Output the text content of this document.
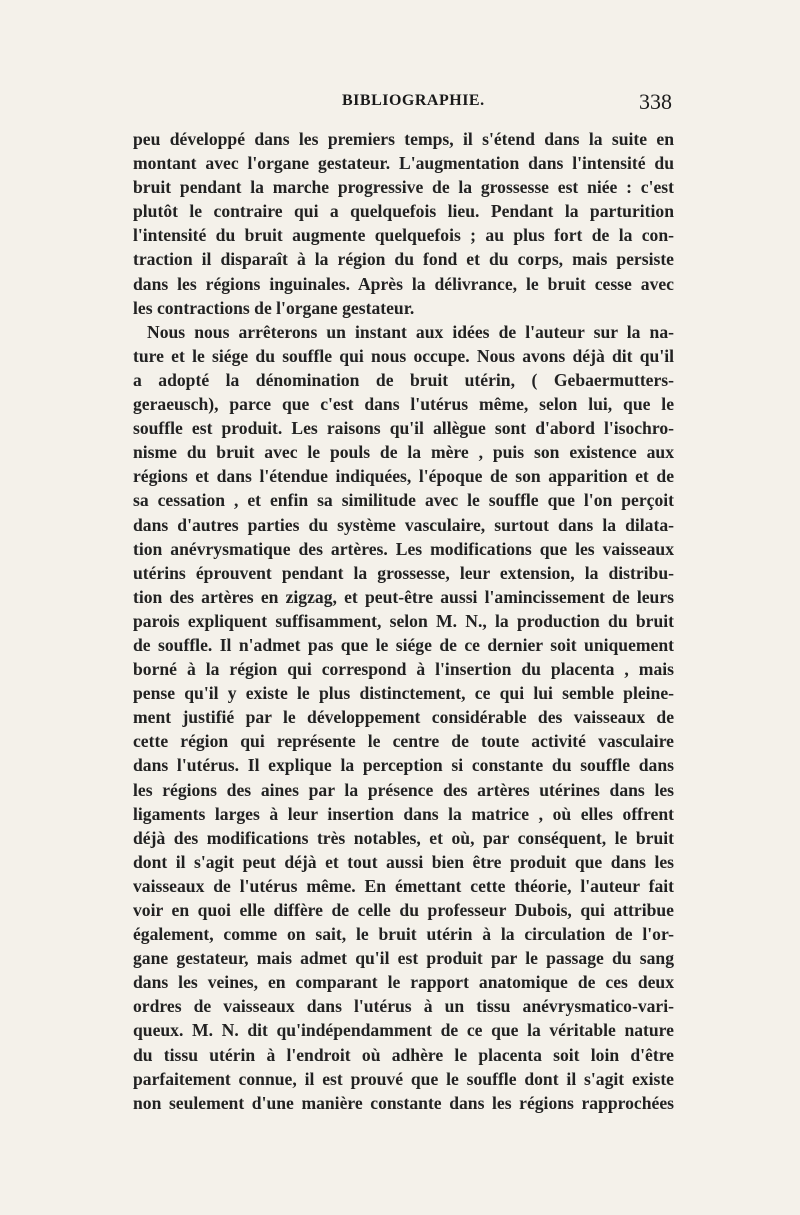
BIBLIOGRAPHIE.	338
peu développé dans les premiers temps, il s'étend dans la suite en
montant avec l'organe gestateur. L'augmentation dans l'intensité du
bruit pendant la marche progressive de la grossesse est niée : c'est
plutôt le contraire qui a quelquefois lieu. Pendant la parturition
l'intensité du bruit augmente quelquefois ; au plus fort de la con-
traction il disparaît à la région du fond et du corps, mais persiste
dans les régions inguinales. Après la délivrance, le bruit cesse avec
les contractions de l'organe gestateur.
Nous nous arrêterons un instant aux idées de l'auteur sur la na-
ture et le siége du souffle qui nous occupe. Nous avons déjà dit qu'il
a adopté la dénomination de bruit utérin, ( Gebaermutters-
geraeusch), parce que c'est dans l'utérus même, selon lui, que le
souffle est produit. Les raisons qu'il allègue sont d'abord l'isochro-
nisme du bruit avec le pouls de la mère , puis son existence aux
régions et dans l'étendue indiquées, l'époque de son apparition et de
sa cessation , et enfin sa similitude avec le souffle que l'on perçoit
dans d'autres parties du système vasculaire, surtout dans la dilata-
tion anévrysmatique des artères. Les modifications que les vaisseaux
utérins éprouvent pendant la grossesse, leur extension, la distribu-
tion des artères en zigzag, et peut-être aussi l'amincissement de leurs
parois expliquent suffisamment, selon M. N., la production du bruit
de souffle. Il n'admet pas que le siége de ce dernier soit uniquement
borné à la région qui correspond à l'insertion du placenta , mais
pense qu'il y existe le plus distinctement, ce qui lui semble pleine-
ment justifié par le développement considérable des vaisseaux de
cette région qui représente le centre de toute activité vasculaire
dans l'utérus. Il explique la perception si constante du souffle dans
les régions des aines par la présence des artères utérines dans les
ligaments larges à leur insertion dans la matrice , où elles offrent
déjà des modifications très notables, et où, par conséquent, le bruit
dont il s'agit peut déjà et tout aussi bien être produit que dans les
vaisseaux de l'utérus même. En émettant cette théorie, l'auteur fait
voir en quoi elle diffère de celle du professeur Dubois, qui attribue
également, comme on sait, le bruit utérin à la circulation de l'or-
gane gestateur, mais admet qu'il est produit par le passage du sang
dans les veines, en comparant le rapport anatomique de ces deux
ordres de vaisseaux dans l'utérus à un tissu anévrysmatico-vari-
queux. M. N. dit qu'indépendamment de ce que la véritable nature
du tissu utérin à l'endroit où adhère le placenta soit loin d'être
parfaitement connue, il est prouvé que le souffle dont il s'agit existe
non seulement d'une manière constante dans les régions rapprochées
